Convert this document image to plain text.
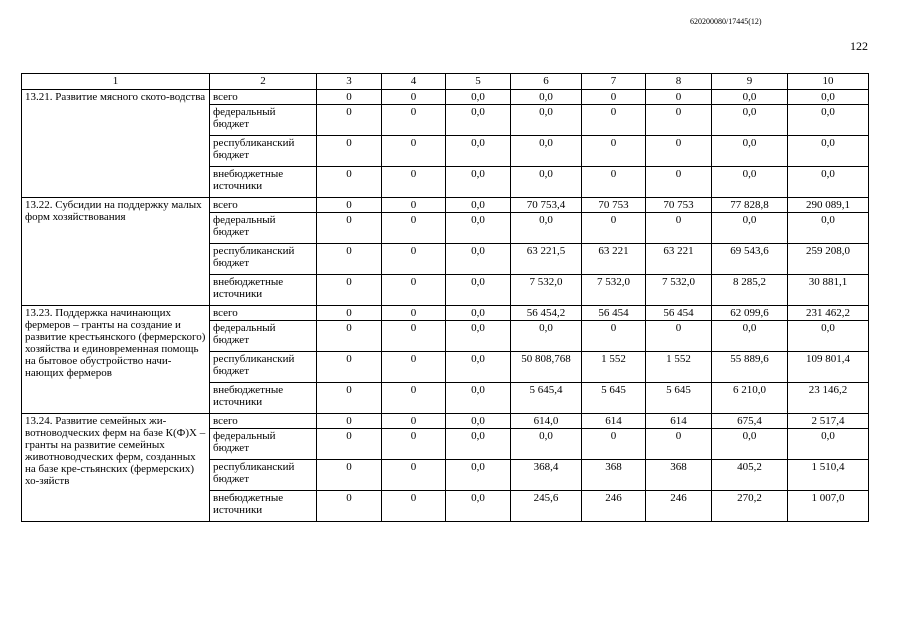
620200080/17445(12)
122
1	2	3	4	5	6	7	8	9	10
13.21. Развитие мясного ското-водства	всего	0	0	0,0	0,0	0	0	0,0	0,0
	федеральный бюджет	0	0	0,0	0,0	0	0	0,0	0,0
	республиканский бюджет	0	0	0,0	0,0	0	0	0,0	0,0
	внебюджетные источники	0	0	0,0	0,0	0	0	0,0	0,0
13.22. Субсидии на поддержку малых форм хозяйствования	всего	0	0	0,0	70 753,4	70 753	70 753	77 828,8	290 089,1
	федеральный бюджет	0	0	0,0	0,0	0	0	0,0	0,0
	республиканский бюджет	0	0	0,0	63 221,5	63 221	63 221	69 543,6	259 208,0
	внебюджетные источники	0	0	0,0	7 532,0	7 532,0	7 532,0	8 285,2	30 881,1
13.23. Поддержка начинающих фермеров – гранты на создание и развитие крестьянского (фермерского) хозяйства и единовременная помощь на бытовое обустройство начи-нающих фермеров	всего	0	0	0,0	56 454,2	56 454	56 454	62 099,6	231 462,2
	федеральный бюджет	0	0	0,0	0,0	0	0	0,0	0,0
	республиканский бюджет	0	0	0,0	50 808,768	1 552	1 552	55 889,6	109 801,4
	внебюджетные источники	0	0	0,0	5 645,4	5 645	5 645	6 210,0	23 146,2
13.24. Развитие семейных жи-вотноводческих ферм на базе К(Ф)Х – гранты на развитие семейных животноводческих ферм, созданных на базе кре-стьянских (фермерских) хо-зяйств	всего	0	0	0,0	614,0	614	614	675,4	2 517,4
	федеральный бюджет	0	0	0,0	0,0	0	0	0,0	0,0
	республиканский бюджет	0	0	0,0	368,4	368	368	405,2	1 510,4
	внебюджетные источники	0	0	0,0	245,6	246	246	270,2	1 007,0
